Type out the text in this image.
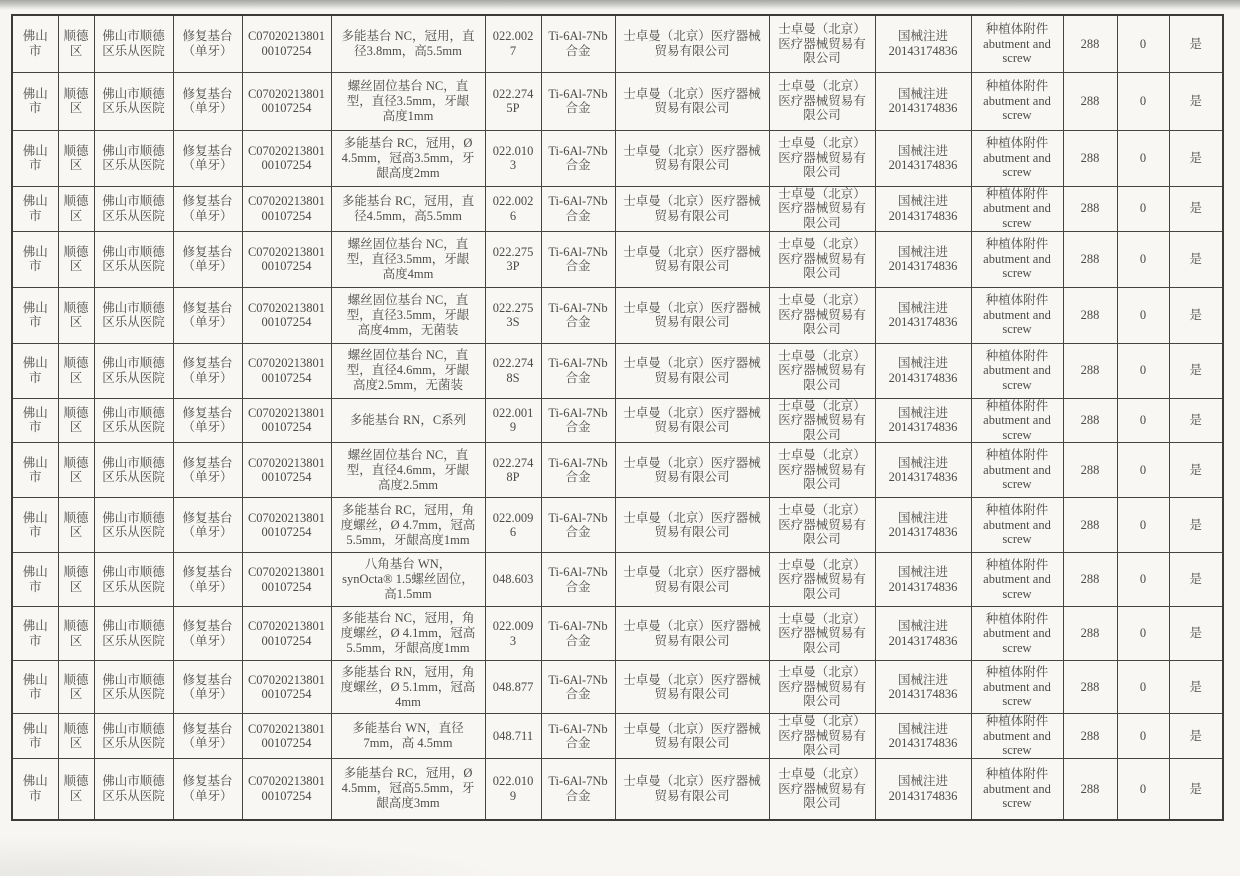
佛山市	顺德区	佛山市顺德区乐从医院	修复基台（单牙）	C0702021380100107254	多能基台 NC，冠用，直径3.8mm，高5.5mm	022.0027	Ti-6Al-7Nb合金	士卓曼（北京）医疗器械贸易有限公司	士卓曼（北京）医疗器械贸易有限公司	国械注进20143174836	种植体附件 abutment and screw	288	0	是
佛山市	顺德区	佛山市顺德区乐从医院	修复基台（单牙）	C0702021380100107254	螺丝固位基台 NC，直型，直径3.5mm，牙龈高度1mm	022.2745P	Ti-6Al-7Nb合金	士卓曼（北京）医疗器械贸易有限公司	士卓曼（北京）医疗器械贸易有限公司	国械注进20143174836	种植体附件 abutment and screw	288	0	是
佛山市	顺德区	佛山市顺德区乐从医院	修复基台（单牙）	C0702021380100107254	多能基台 RC，冠用，Ø 4.5mm，冠高3.5mm，牙龈高度2mm	022.0103	Ti-6Al-7Nb合金	士卓曼（北京）医疗器械贸易有限公司	士卓曼（北京）医疗器械贸易有限公司	国械注进20143174836	种植体附件 abutment and screw	288	0	是
佛山市	顺德区	佛山市顺德区乐从医院	修复基台（单牙）	C0702021380100107254	多能基台 RC，冠用，直径4.5mm，高5.5mm	022.0026	Ti-6Al-7Nb合金	士卓曼（北京）医疗器械贸易有限公司	士卓曼（北京）医疗器械贸易有限公司	国械注进20143174836	种植体附件 abutment and screw	288	0	是
佛山市	顺德区	佛山市顺德区乐从医院	修复基台（单牙）	C0702021380100107254	螺丝固位基台 NC，直型，直径3.5mm，牙龈高度4mm	022.2753P	Ti-6Al-7Nb合金	士卓曼（北京）医疗器械贸易有限公司	士卓曼（北京）医疗器械贸易有限公司	国械注进20143174836	种植体附件 abutment and screw	288	0	是
佛山市	顺德区	佛山市顺德区乐从医院	修复基台（单牙）	C0702021380100107254	螺丝固位基台 NC，直型，直径3.5mm，牙龈高度4mm，无菌装	022.2753S	Ti-6Al-7Nb合金	士卓曼（北京）医疗器械贸易有限公司	士卓曼（北京）医疗器械贸易有限公司	国械注进20143174836	种植体附件 abutment and screw	288	0	是
佛山市	顺德区	佛山市顺德区乐从医院	修复基台（单牙）	C0702021380100107254	螺丝固位基台 NC，直型，直径4.6mm，牙龈高度2.5mm，无菌装	022.2748S	Ti-6Al-7Nb合金	士卓曼（北京）医疗器械贸易有限公司	士卓曼（北京）医疗器械贸易有限公司	国械注进20143174836	种植体附件 abutment and screw	288	0	是
佛山市	顺德区	佛山市顺德区乐从医院	修复基台（单牙）	C0702021380100107254	多能基台 RN，C系列	022.0019	Ti-6Al-7Nb合金	士卓曼（北京）医疗器械贸易有限公司	士卓曼（北京）医疗器械贸易有限公司	国械注进20143174836	种植体附件 abutment and screw	288	0	是
佛山市	顺德区	佛山市顺德区乐从医院	修复基台（单牙）	C0702021380100107254	螺丝固位基台 NC，直型，直径4.6mm，牙龈高度2.5mm	022.2748P	Ti-6Al-7Nb合金	士卓曼（北京）医疗器械贸易有限公司	士卓曼（北京）医疗器械贸易有限公司	国械注进20143174836	种植体附件 abutment and screw	288	0	是
佛山市	顺德区	佛山市顺德区乐从医院	修复基台（单牙）	C0702021380100107254	多能基台 RC，冠用，角度螺丝，Ø 4.7mm，冠高5.5mm，牙龈高度1mm	022.0096	Ti-6Al-7Nb合金	士卓曼（北京）医疗器械贸易有限公司	士卓曼（北京）医疗器械贸易有限公司	国械注进20143174836	种植体附件 abutment and screw	288	0	是
佛山市	顺德区	佛山市顺德区乐从医院	修复基台（单牙）	C0702021380100107254	八角基台 WN，synOcta® 1.5螺丝固位，高1.5mm	048.603	Ti-6Al-7Nb合金	士卓曼（北京）医疗器械贸易有限公司	士卓曼（北京）医疗器械贸易有限公司	国械注进20143174836	种植体附件 abutment and screw	288	0	是
佛山市	顺德区	佛山市顺德区乐从医院	修复基台（单牙）	C0702021380100107254	多能基台 NC，冠用，角度螺丝，Ø 4.1mm，冠高5.5mm，牙龈高度1mm	022.0093	Ti-6Al-7Nb合金	士卓曼（北京）医疗器械贸易有限公司	士卓曼（北京）医疗器械贸易有限公司	国械注进20143174836	种植体附件 abutment and screw	288	0	是
佛山市	顺德区	佛山市顺德区乐从医院	修复基台（单牙）	C0702021380100107254	多能基台 RN，冠用，角度螺丝，Ø 5.1mm，冠高4mm	048.877	Ti-6Al-7Nb合金	士卓曼（北京）医疗器械贸易有限公司	士卓曼（北京）医疗器械贸易有限公司	国械注进20143174836	种植体附件 abutment and screw	288	0	是
佛山市	顺德区	佛山市顺德区乐从医院	修复基台（单牙）	C0702021380100107254	多能基台 WN，直径7mm，高 4.5mm	048.711	Ti-6Al-7Nb合金	士卓曼（北京）医疗器械贸易有限公司	士卓曼（北京）医疗器械贸易有限公司	国械注进20143174836	种植体附件 abutment and screw	288	0	是
佛山市	顺德区	佛山市顺德区乐从医院	修复基台（单牙）	C0702021380100107254	多能基台 RC，冠用，Ø 4.5mm，冠高5.5mm，牙龈高度3mm	022.0109	Ti-6Al-7Nb合金	士卓曼（北京）医疗器械贸易有限公司	士卓曼（北京）医疗器械贸易有限公司	国械注进20143174836	种植体附件 abutment and screw	288	0	是
